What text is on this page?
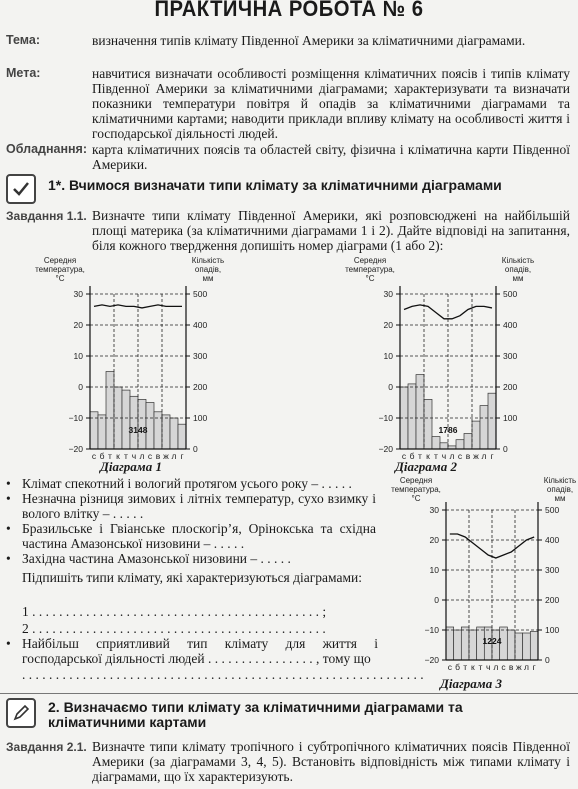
ПРАКТИЧНА РОБОТА № 6
Тема:	визначення типів клімату Південної Америки за кліматичними діаграмами.
Мета:	навчитися визначати особливості розміщення кліматичних поясів і типів клімату Південної Америки за кліматичними діаграмами; характеризувати та визначати показники температури повітря й опадів за кліматичними діаграмами та кліматичними картами; наводити приклади впливу клімату на особливості життя і господарської діяльності людей.
Обладнання: карта кліматичних поясів та областей світу, фізична і кліматична карти Південної Америки.
1*. Вчимося визначати типи клімату за кліматичними діаграмами
Завдання 1.1. Визначте типи клімату Південної Америки, які розповсюджені на найбільшій площі материка (за кліматичними діаграмами 1 і 2). Дайте відповіді на запитання, біля кожного твердження допишіть номер діаграми (1 або 2):
Середня
температура,
°С
Кількість
опадів,
мм
30
20
10
0
−10
−20
500
400
300
200
100
0
с б т к т ч л с в ж л г
3148
Діаграма 1
Середня
температура,
°С
Кількість
опадів,
мм
30
20
10
0
−10
−20
500
400
300
200
100
0
с б т к т ч л с в ж л г
1786
Діаграма 2
Середня
температура,
°С
Кількість
опадів,
мм
30
20
10
0
−10
−20
500
400
300
200
100
0
с б т к т ч л с в ж л г
1224
Діаграма 3
• Клімат спекотний і вологий протягом усього року – . . . . .
• Незначна різниця зимових і літніх температур, сухо взимку і волого влітку – . . . . .
• Бразильське і Гвіанське плоскогір’я, Орінокська та східна частина Амазонської низовини – . . . . .
• Західна частина Амазонської низовини – . . . . .
Підпишіть типи клімату, які характеризуються діаграмами:
1 . . . . . . . . . . . . . . . . . . . . . . . . . . . . . . . . . . . . . . . . . . . ;
2 . . . . . . . . . . . . . . . . . . . . . . . . . . . . . . . . . . . . . . . . . . . .
• Найбільш сприятливий тип клімату для життя і господарської діяльності людей . . . . . . . . . . . . . . . . , тому що
. . . . . . . . . . . . . . . . . . . . . . . . . . . . . . . . . . . . . . . . . . . . . . . . . . . . . . . . . . . .
2. Визначаємо типи клімату за кліматичними діаграмами та
кліматичними картами
Завдання 2.1. Визначте типи клімату тропічного і субтропічного кліматичних поясів Південної Америки (за діаграмами 3, 4, 5). Встановіть відповідність між типами клімату і діаграмами, що їх характеризують.
